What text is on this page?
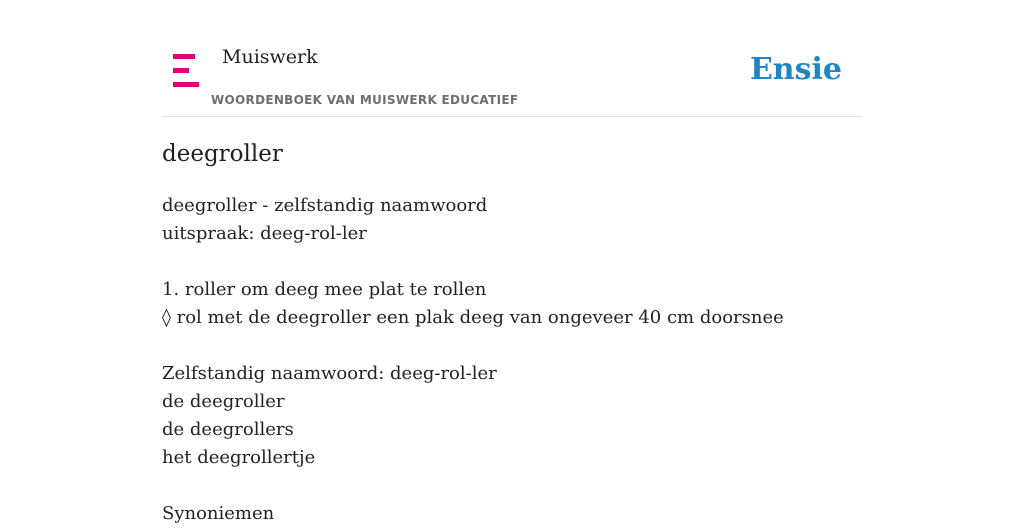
Muiswerk
WOORDENBOEK VAN MUISWERK EDUCATIEF
Ensie
deegroller
deegroller - zelfstandig naamwoord
uitspraak: deeg-rol-ler
1. roller om deeg mee plat te rollen
◊ rol met de deegroller een plak deeg van ongeveer 40 cm doorsnee
Zelfstandig naamwoord: deeg-rol-ler
de deegroller
de deegrollers
het deegrollertje
Synoniemen
